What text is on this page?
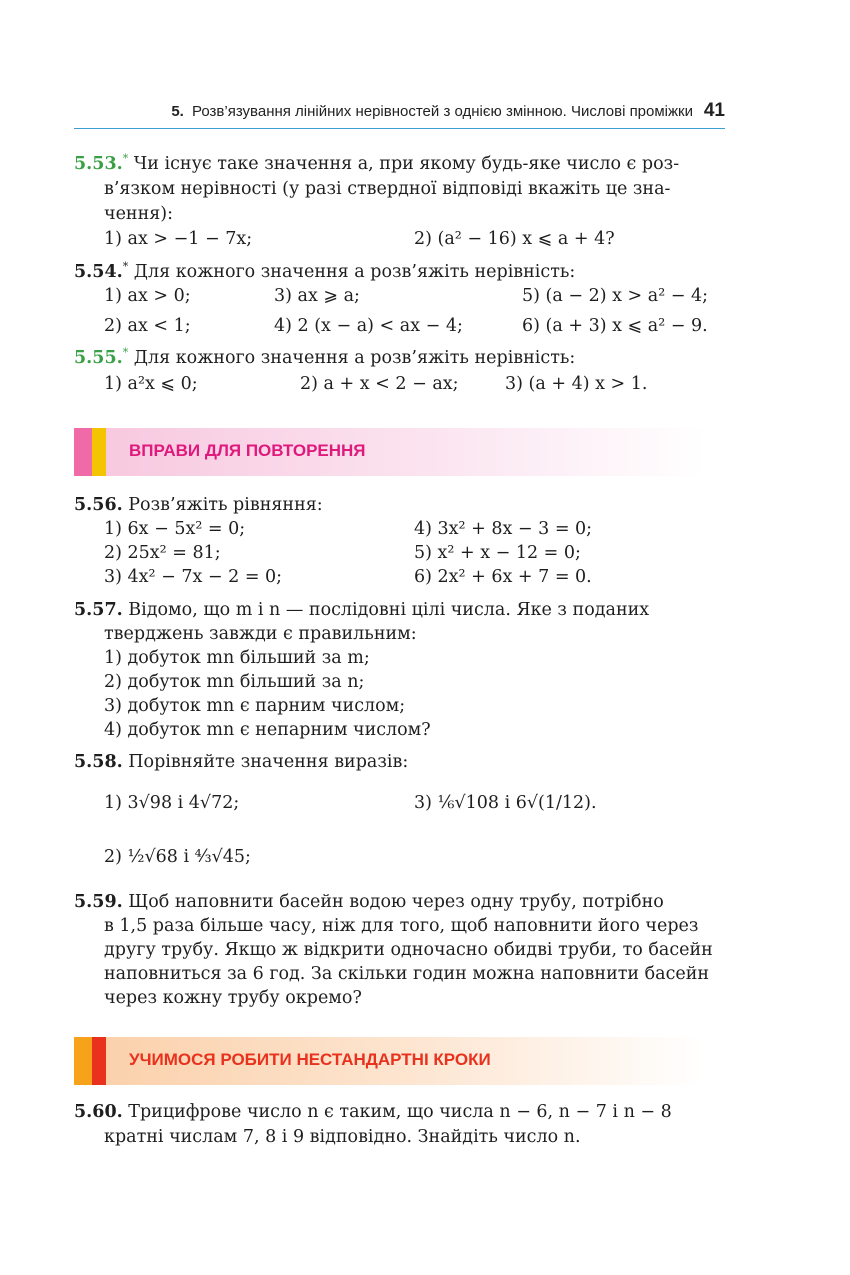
5. Розв’язування лінійних нерівностей з однією змінною. Числові проміжки 41
5.53.* Чи існує таке значення a, при якому будь-яке число є роз-
в’язком нерівності (у разі ствердної відповіді вкажіть це зна-
чення):
1) ax > −1 − 7x;	2) (a² − 16) x ⩽ a + 4?
5.54.* Для кожного значення a розв’яжіть нерівність:
1) ax > 0;	3) ax ⩾ a;	5) (a − 2) x > a² − 4;
2) ax < 1;	4) 2 (x − a) < ax − 4;	6) (a + 3) x ⩽ a² − 9.
5.55.* Для кожного значення a розв’яжіть нерівність:
1) a²x ⩽ 0;	2) a + x < 2 − ax;	3) (a + 4) x > 1.
ВПРАВИ ДЛЯ ПОВТОРЕННЯ
5.56. Розв’яжіть рівняння:
1) 6x − 5x² = 0;	4) 3x² + 8x − 3 = 0;
2) 25x² = 81;	5) x² + x − 12 = 0;
3) 4x² − 7x − 2 = 0;	6) 2x² + 6x + 7 = 0.
5.57. Відомо, що m і n — послідовні цілі числа. Яке з поданих
тверджень завжди є правильним:
1) добуток mn більший за m;
2) добуток mn більший за n;
3) добуток mn є парним числом;
4) добуток mn є непарним числом?
5.58. Порівняйте значення виразів:
1) 3√98 і 4√72;	3) ⅙√108 і 6√(1/12).
2) ½√68 і ⁴⁄₃√45;
5.59. Щоб наповнити басейн водою через одну трубу, потрібно
в 1,5 раза більше часу, ніж для того, щоб наповнити його через
другу трубу. Якщо ж відкрити одночасно обидві труби, то басейн
наповниться за 6 год. За скільки годин можна наповнити басейн
через кожну трубу окремо?
УЧИМОСЯ РОБИТИ НЕСТАНДАРТНІ КРОКИ
5.60. Трицифрове число n є таким, що числа n − 6, n − 7 і n − 8
кратні числам 7, 8 і 9 відповідно. Знайдіть число n.
